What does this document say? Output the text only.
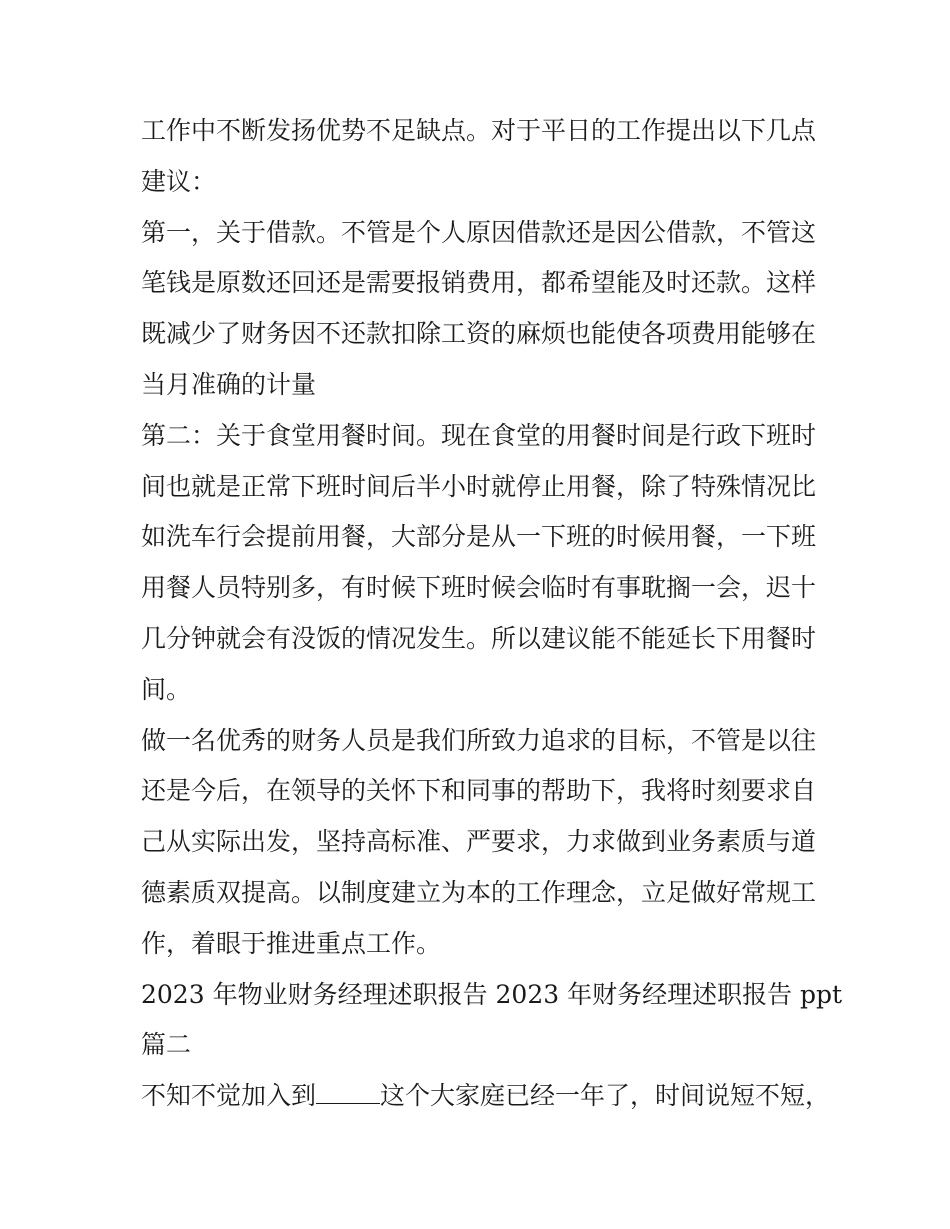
工作中不断发扬优势不足缺点。对于平日的工作提出以下几点
建议：
第一，关于借款。不管是个人原因借款还是因公借款，不管这
笔钱是原数还回还是需要报销费用，都希望能及时还款。这样
既减少了财务因不还款扣除工资的麻烦也能使各项费用能够在
当月准确的计量
第二：关于食堂用餐时间。现在食堂的用餐时间是行政下班时
间也就是正常下班时间后半小时就停止用餐，除了特殊情况比
如洗车行会提前用餐，大部分是从一下班的时候用餐，一下班
用餐人员特别多，有时候下班时候会临时有事耽搁一会，迟十
几分钟就会有没饭的情况发生。所以建议能不能延长下用餐时
间。
做一名优秀的财务人员是我们所致力追求的目标，不管是以往
还是今后，在领导的关怀下和同事的帮助下，我将时刻要求自
己从实际出发，坚持高标准、严要求，力求做到业务素质与道
德素质双提高。以制度建立为本的工作理念，立足做好常规工
作，着眼于推进重点工作。
2023 年物业财务经理述职报告 2023 年财务经理述职报告 ppt
篇二
不知不觉加入到	这个大家庭已经一年了，时间说短不短，
